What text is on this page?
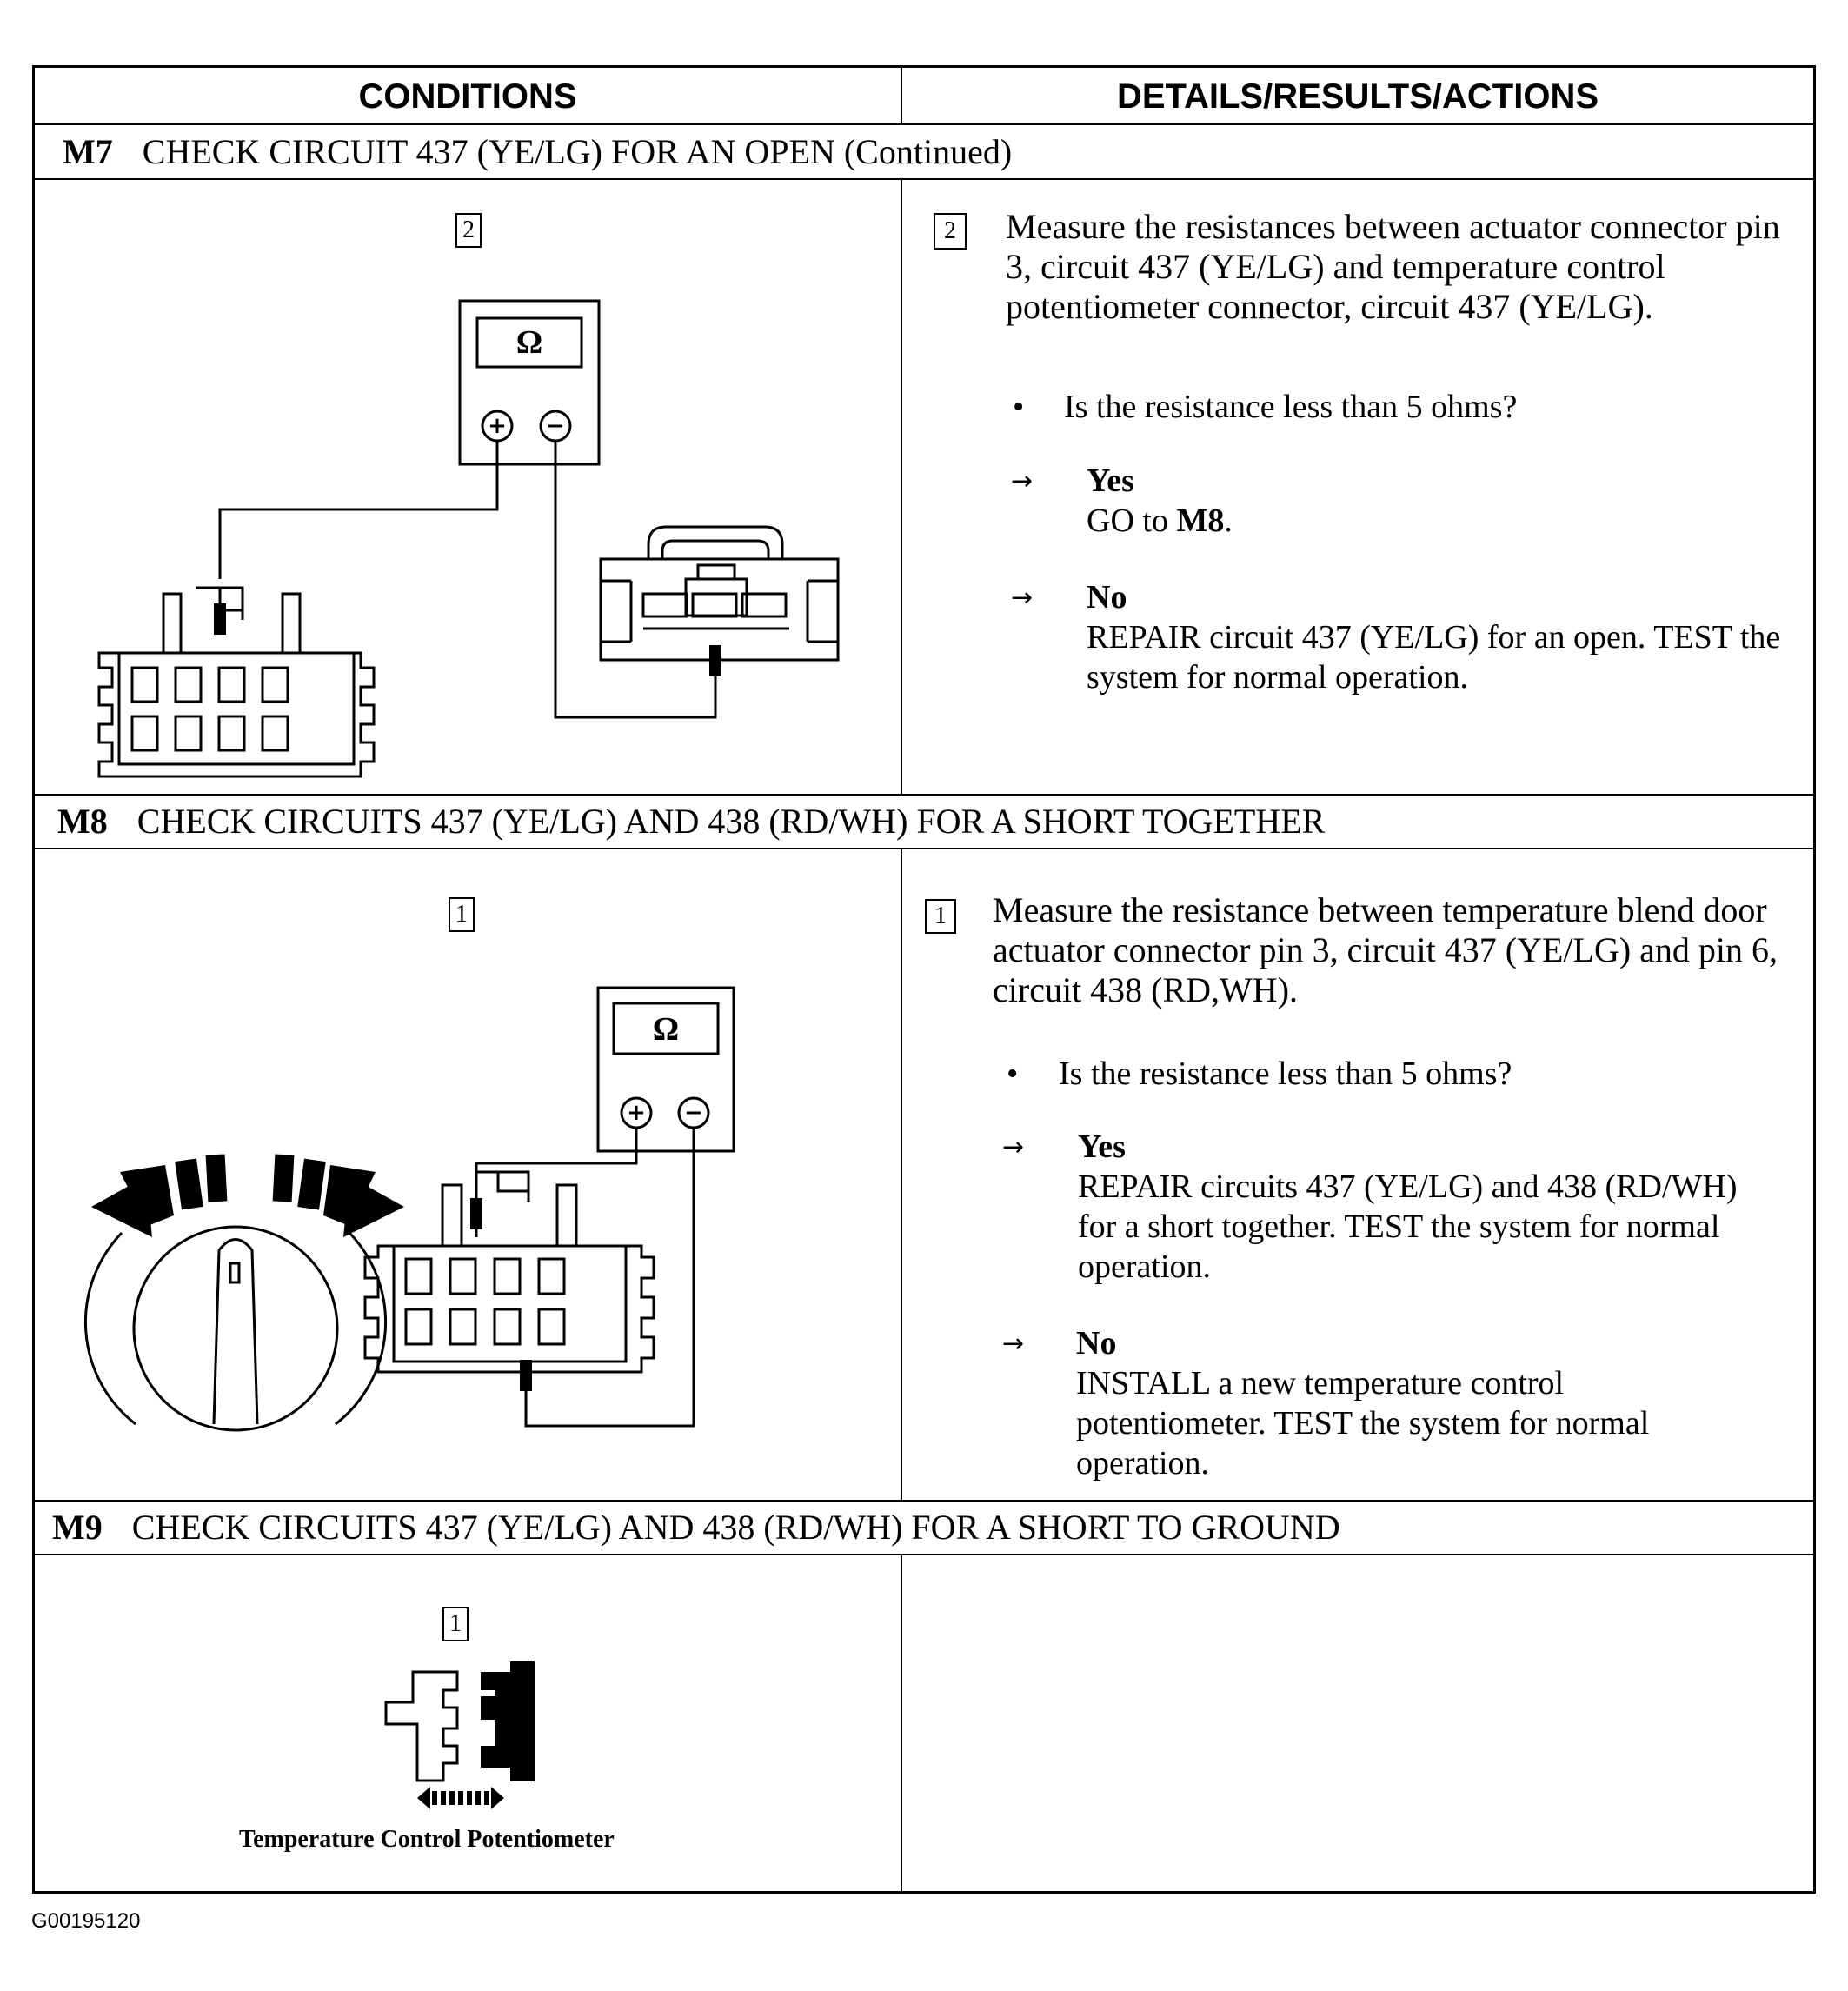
CONDITIONS	DETAILS/RESULTS/ACTIONS
M7 CHECK CIRCUIT 437 (YE/LG) FOR AN OPEN (Continued)
M8 CHECK CIRCUITS 437 (YE/LG) AND 438 (RD/WH) FOR A SHORT TOGETHER
M9 CHECK CIRCUITS 437 (YE/LG) AND 438 (RD/WH) FOR A SHORT TO GROUND
2
Ω
+ −
2	Measure the resistances between actuator connector pin 3, circuit 437 (YE/LG) and temperature control potentiometer connector, circuit 437 (YE/LG).
• Is the resistance less than 5 ohms?
→ Yes
GO to M8.
→ No
REPAIR circuit 437 (YE/LG) for an open. TEST the system for normal operation.
1
Ω
+ −
1 Measure the resistance between temperature blend door actuator connector pin 3, circuit 437 (YE/LG) and pin 6, circuit 438 (RD,WH).
• Is the resistance less than 5 ohms?
→ Yes
REPAIR circuits 437 (YE/LG) and 438 (RD/WH) for a short together. TEST the system for normal operation.
→ No
INSTALL a new temperature control potentiometer. TEST the system for normal operation.
1
Temperature Control Potentiometer
G00195120
